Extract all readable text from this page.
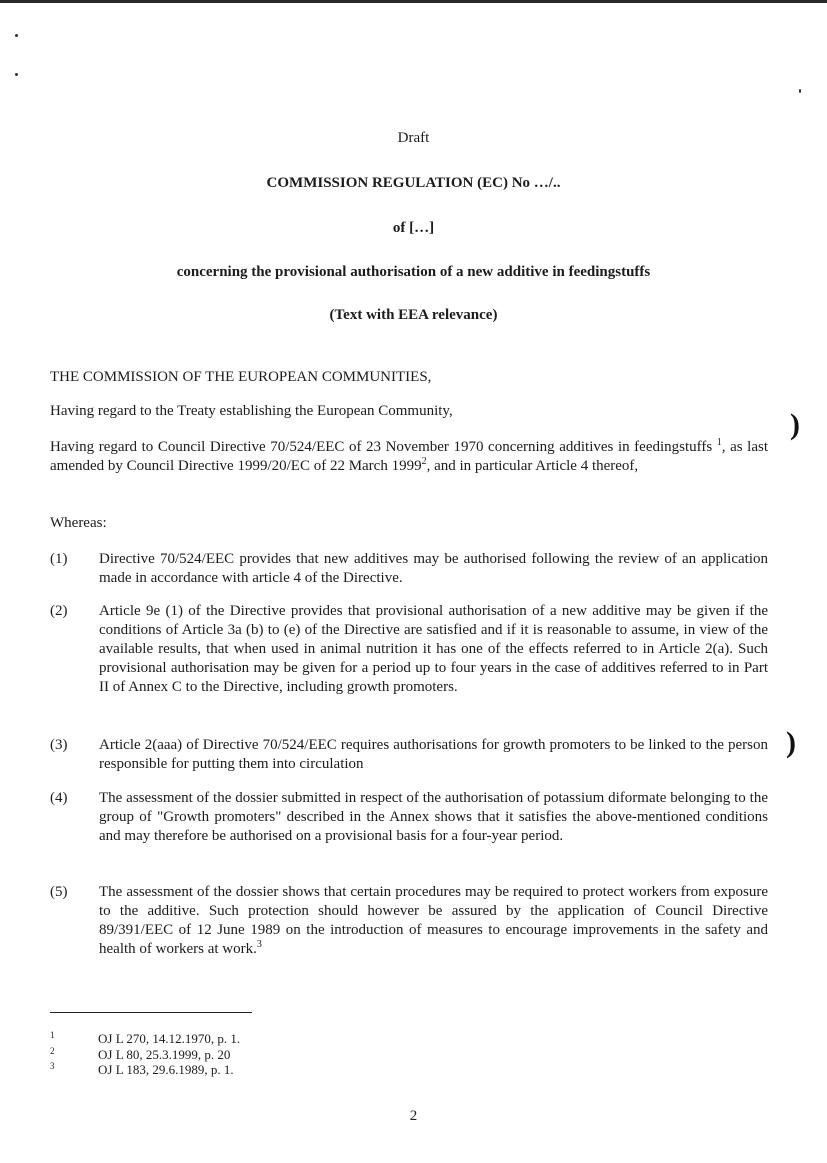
)
)
Draft
COMMISSION REGULATION (EC) No …/..
of […]
concerning the provisional authorisation of a new additive in feedingstuffs
(Text with EEA relevance)
THE COMMISSION OF THE EUROPEAN COMMUNITIES,
Having regard to the Treaty establishing the European Community,
Having regard to Council Directive 70/524/EEC of 23 November 1970 concerning additives in feedingstuffs $^1$, as last amended by Council Directive 1999/20/EC of 22 March 1999$^2$, and in particular Article 4 thereof,
Whereas:
(1) Directive 70/524/EEC provides that new additives may be authorised following the review of an application made in accordance with article 4 of the Directive.
(2) Article 9e (1) of the Directive provides that provisional authorisation of a new additive may be given if the conditions of Article 3a (b) to (e) of the Directive are satisfied and if it is reasonable to assume, in view of the available results, that when used in animal nutrition it has one of the effects referred to in Article 2(a). Such provisional authorisation may be given for a period up to four years in the case of additives referred to in Part II of Annex C to the Directive, including growth promoters.
(3) Article 2(aaa) of Directive 70/524/EEC requires authorisations for growth promoters to be linked to the person responsible for putting them into circulation
(4) The assessment of the dossier submitted in respect of the authorisation of potassium diformate belonging to the group of "Growth promoters" described in the Annex shows that it satisfies the above-mentioned conditions and may therefore be authorised on a provisional basis for a four-year period.
(5) The assessment of the dossier shows that certain procedures may be required to protect workers from exposure to the additive. Such protection should however be assured by the application of Council Directive 89/391/EEC of 12 June 1989 on the introduction of measures to encourage improvements in the safety and health of workers at work.$^3$
1	OJ L 270, 14.12.1970, p. 1.
2	OJ L 80, 25.3.1999, p. 20
3	OJ L 183, 29.6.1989, p. 1.
2
